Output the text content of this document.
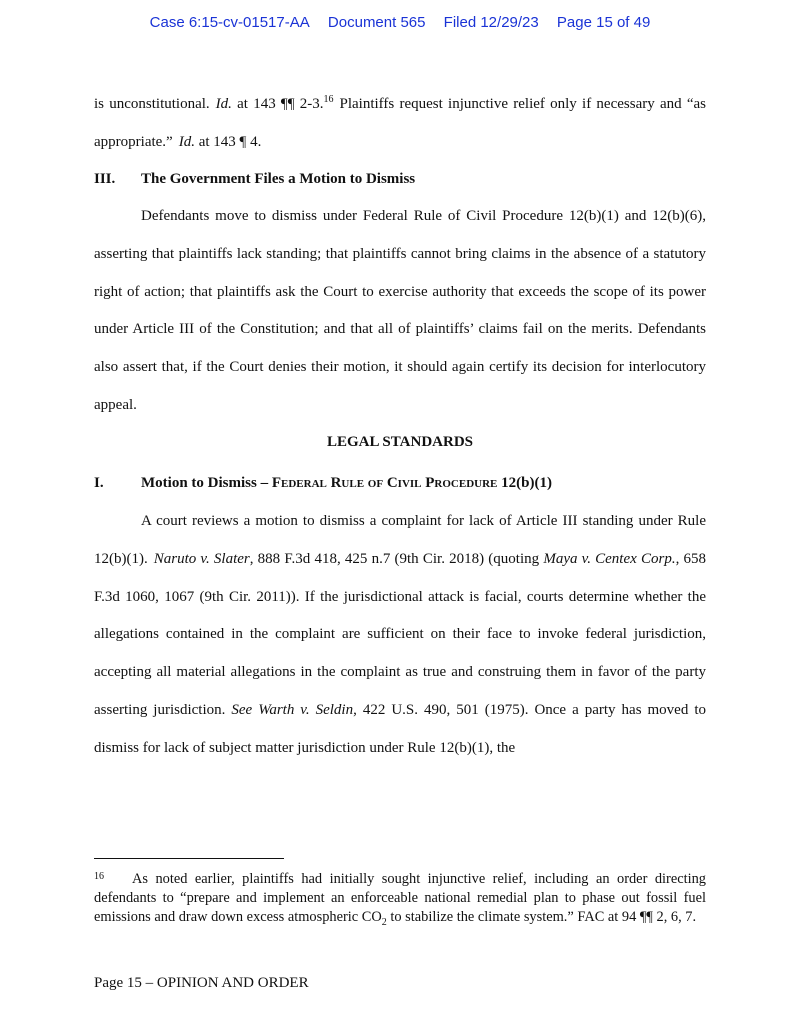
Case 6:15-cv-01517-AA Document 565 Filed 12/29/23 Page 15 of 49
is unconstitutional. Id. at 143 ¶¶ 2-3.16 Plaintiffs request injunctive relief only if necessary and “as appropriate.” Id. at 143 ¶ 4.
III. The Government Files a Motion to Dismiss
Defendants move to dismiss under Federal Rule of Civil Procedure 12(b)(1) and 12(b)(6), asserting that plaintiffs lack standing; that plaintiffs cannot bring claims in the absence of a statutory right of action; that plaintiffs ask the Court to exercise authority that exceeds the scope of its power under Article III of the Constitution; and that all of plaintiffs’ claims fail on the merits. Defendants also assert that, if the Court denies their motion, it should again certify its decision for interlocutory appeal.
LEGAL STANDARDS
I. Motion to Dismiss – Federal Rule of Civil Procedure 12(b)(1)
A court reviews a motion to dismiss a complaint for lack of Article III standing under Rule 12(b)(1). Naruto v. Slater, 888 F.3d 418, 425 n.7 (9th Cir. 2018) (quoting Maya v. Centex Corp., 658 F.3d 1060, 1067 (9th Cir. 2011)). If the jurisdictional attack is facial, courts determine whether the allegations contained in the complaint are sufficient on their face to invoke federal jurisdiction, accepting all material allegations in the complaint as true and construing them in favor of the party asserting jurisdiction. See Warth v. Seldin, 422 U.S. 490, 501 (1975). Once a party has moved to dismiss for lack of subject matter jurisdiction under Rule 12(b)(1), the
$^{16}$ As noted earlier, plaintiffs had initially sought injunctive relief, including an order directing defendants to “prepare and implement an enforceable national remedial plan to phase out fossil fuel emissions and draw down excess atmospheric $CO_2$ to stabilize the climate system.” FAC at 94 ¶¶ 2, 6, 7.
Page 15 – OPINION AND ORDER
